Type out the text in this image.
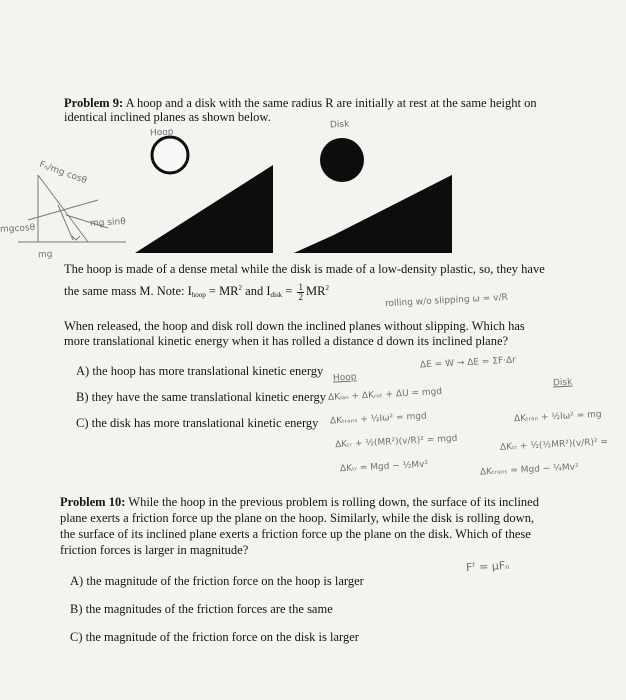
Problem 9: A hoop and a disk with the same radius R are initially at rest at the same height on
identical inclined planes as shown below.
Hoop
Disk
Fₙ/mg cosθ
mg sinθ
mgcosθ
mg
The hoop is made of a dense metal while the disk is made of a low-density plastic, so, they have
the same mass M. Note: $I_{hoop} = MR^2$ and $I_{disk} = \frac{1}{2} MR^2$
rolling w/o slipping ω = v/R
When released, the hoop and disk roll down the inclined planes without slipping. Which has
more translational kinetic energy when it has rolled a distance d down its inclined plane?
A) the hoop has more translational kinetic energy
B) they have the same translational kinetic energy
C) the disk has more translational kinetic energy
ΔE = W → ΔE = ΣF·Δr
Hoop	Disk
ΔKₗₐₙ + ΔKᵣₒₜ + ΔU = mgd
ΔKₜᵣₐₙₛ + ½Iω² = mgd
ΔKₜᵣ + ½(MR²)(v/R)² = mgd
ΔKₜᵣ = Mgd − ½Mv²
ΔKₜᵣₐₙ + ½Iω² = mg
ΔKₜᵣ + ½(½MR²)(v/R)² =
ΔKₜᵣₐₙₛ = Mgd − ¼Mv²
Problem 10: While the hoop in the previous problem is rolling down, the surface of its inclined
plane exerts a friction force up the plane on the hoop. Similarly, while the disk is rolling down,
the surface of its inclined plane exerts a friction force up the plane on the disk. Which of these
friction forces is larger in magnitude?
Fᶠ = μFₙ
A) the magnitude of the friction force on the hoop is larger
B) the magnitudes of the friction forces are the same
C) the magnitude of the friction force on the disk is larger
